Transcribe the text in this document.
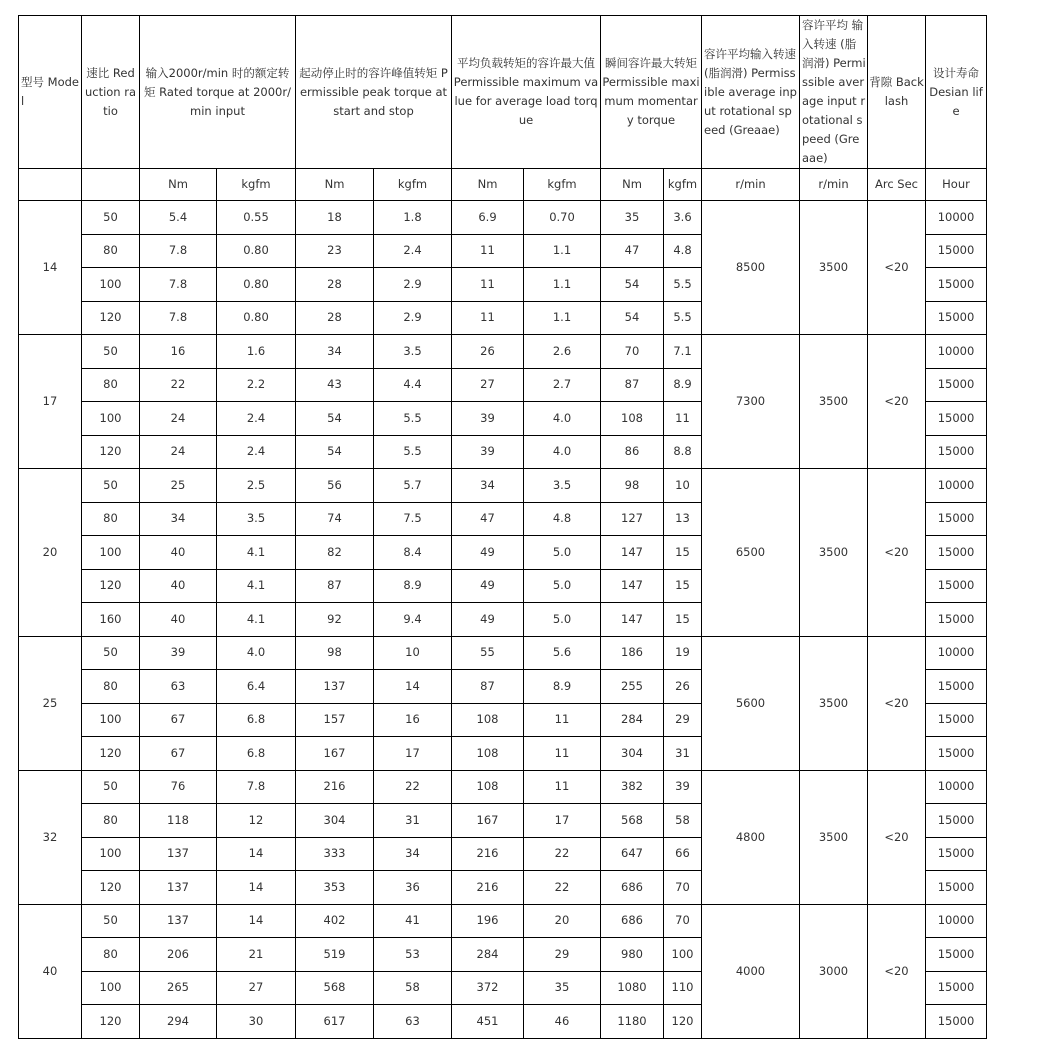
型号 Model	速比 Reduction ratio	输入2000r/min 时的额定转矩 Rated torque at 2000r/min input		起动停止时的容许峰值转矩 Permissible peak torque at start and stop		平均负载转矩的容许最大值 Permissible maximum value for average load torque		瞬间容许最大转矩 Permissible maximum momentary torque		容许平均输入转速 (脂润滑) Permissible average input rotational speed (Greaae)	容许平均 输入转速 (脂润滑) Permissible average input rotational speed (Greaae)	背隙 Backlash	设计寿命 Desian life
		Nm	kgfm	Nm	kgfm	Nm	kgfm	Nm	kgfm	r/min	r/min	Arc Sec	Hour
14	50	5.4	0.55	18	1.8	6.9	0.70	35	3.6	8500	3500	<20	10000
	80	7.8	0.80	23	2.4	11	1.1	47	4.8				15000
	100	7.8	0.80	28	2.9	11	1.1	54	5.5				15000
	120	7.8	0.80	28	2.9	11	1.1	54	5.5				15000
17	50	16	1.6	34	3.5	26	2.6	70	7.1	7300	3500	<20	10000
	80	22	2.2	43	4.4	27	2.7	87	8.9				15000
	100	24	2.4	54	5.5	39	4.0	108	11				15000
	120	24	2.4	54	5.5	39	4.0	86	8.8				15000
20	50	25	2.5	56	5.7	34	3.5	98	10	6500	3500	<20	10000
	80	34	3.5	74	7.5	47	4.8	127	13				15000
	100	40	4.1	82	8.4	49	5.0	147	15				15000
	120	40	4.1	87	8.9	49	5.0	147	15				15000
	160	40	4.1	92	9.4	49	5.0	147	15				15000
25	50	39	4.0	98	10	55	5.6	186	19	5600	3500	<20	10000
	80	63	6.4	137	14	87	8.9	255	26				15000
	100	67	6.8	157	16	108	11	284	29				15000
	120	67	6.8	167	17	108	11	304	31				15000
32	50	76	7.8	216	22	108	11	382	39	4800	3500	<20	10000
	80	118	12	304	31	167	17	568	58				15000
	100	137	14	333	34	216	22	647	66				15000
	120	137	14	353	36	216	22	686	70				15000
40	50	137	14	402	41	196	20	686	70	4000	3000	<20	10000
	80	206	21	519	53	284	29	980	100				15000
	100	265	27	568	58	372	35	1080	110				15000
	120	294	30	617	63	451	46	1180	120				15000
